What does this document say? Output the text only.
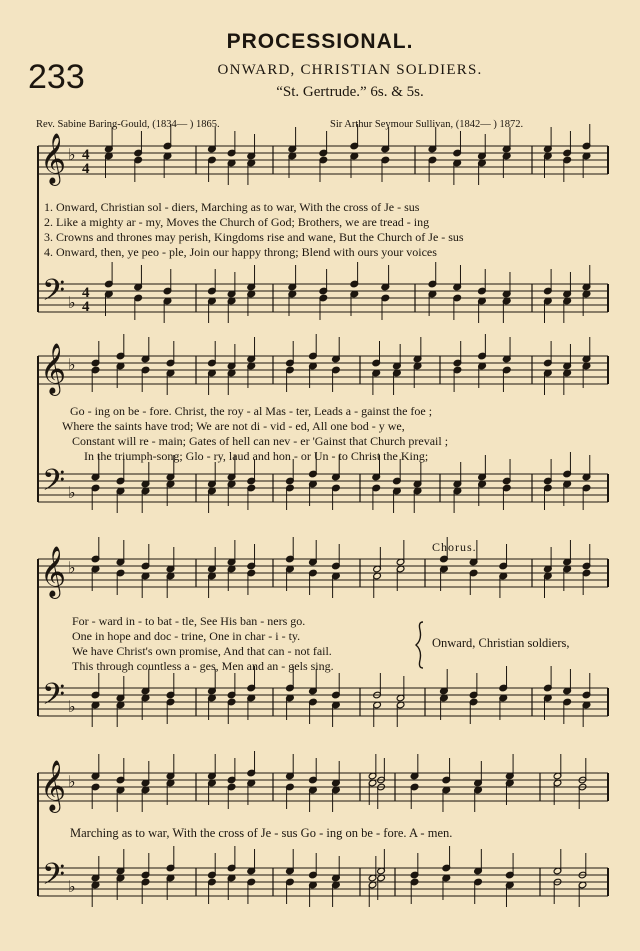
PROCESSIONAL.
233	ONWARD, CHRISTIAN SOLDIERS.
“St. Gertrude.” 6s. & 5s.
Rev. Sabine Baring-Gould, (1834— ) 1865.	Sir Arthur Seymour Sullivan, (1842— ) 1872.
𝄞
𝄢
♭
♭
4
4
4
4
𝄞
𝄢
♭
♭
𝄞
𝄢
♭
♭
𝄞
𝄢
♭
♭
1. Onward, Christian sol - diers, Marching as to war, With the cross of Je - sus
2. Like a mighty ar - my, Moves the Church of God; Brothers, we are tread - ing
3. Crowns and thrones may perish, Kingdoms rise and wane, But the Church of Je - sus
4. Onward, then, ye peo - ple, Join our happy throng; Blend with ours your voices
Go - ing on be - fore. Christ, the roy - al Mas - ter, Leads a - gainst the foe ;
Where the saints have trod; We are not di - vid - ed, All one bod - y we,
Constant will re - main; Gates of hell can nev - er 'Gainst that Church prevail ;
In the triumph-song; Glo - ry, laud and hon - or Un - to Christ the King;
Chorus.
For - ward in - to bat - tle, See His ban - ners go.
One in hope and doc - trine, One in char - i - ty.
We have Christ's own promise, And that can - not fail.
This through countless a - ges, Men and an - gels sing.
Onward, Christian soldiers,
Marching as to war, With the cross of Je - sus Go - ing on be - fore. A - men.
